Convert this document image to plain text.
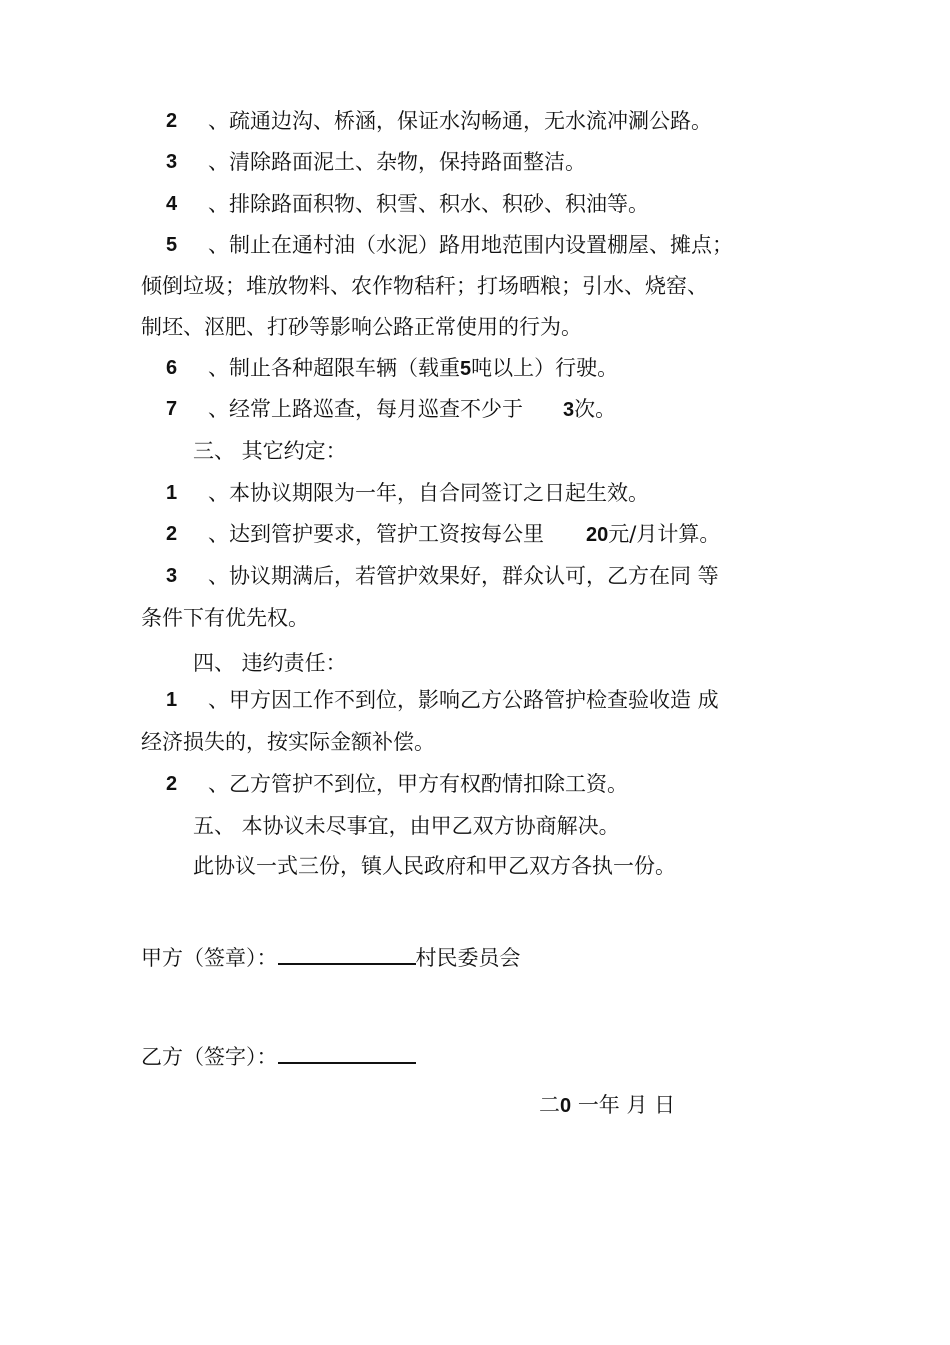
2 、疏通边沟、桥涵，保证水沟畅通，无水流冲涮公路。
3 、清除路面泥土、杂物，保持路面整洁。
4 、排除路面积物、积雪、积水、积砂、积油等。
5 、制止在通村油（水泥）路用地范围内设置棚屋、摊点；
倾倒垃圾；堆放物料、农作物秸秆；打场晒粮；引水、烧窑、
制坯、沤肥、打砂等影响公路正常使用的行为。
6 、制止各种超限车辆（载重5吨以上）行驶。
7 、经常上路巡查，每月巡查不少于 3次。
三、 其它约定：
1 、本协议期限为一年，自合同签订之日起生效。
2 、达到管护要求，管护工资按每公里 20元/月计算。
3 、协议期满后，若管护效果好，群众认可，乙方在同 等
条件下有优先权。
四、 违约责任：
1 、甲方因工作不到位，影响乙方公路管护检查验收造 成
经济损失的，按实际金额补偿。
2 、乙方管护不到位，甲方有权酌情扣除工资。
五、 本协议未尽事宜，由甲乙双方协商解决。
此协议一式三份，镇人民政府和甲乙双方各执一份。
甲方（签章）：	村民委员会
乙方（签字）：
二0 一年 月 日
